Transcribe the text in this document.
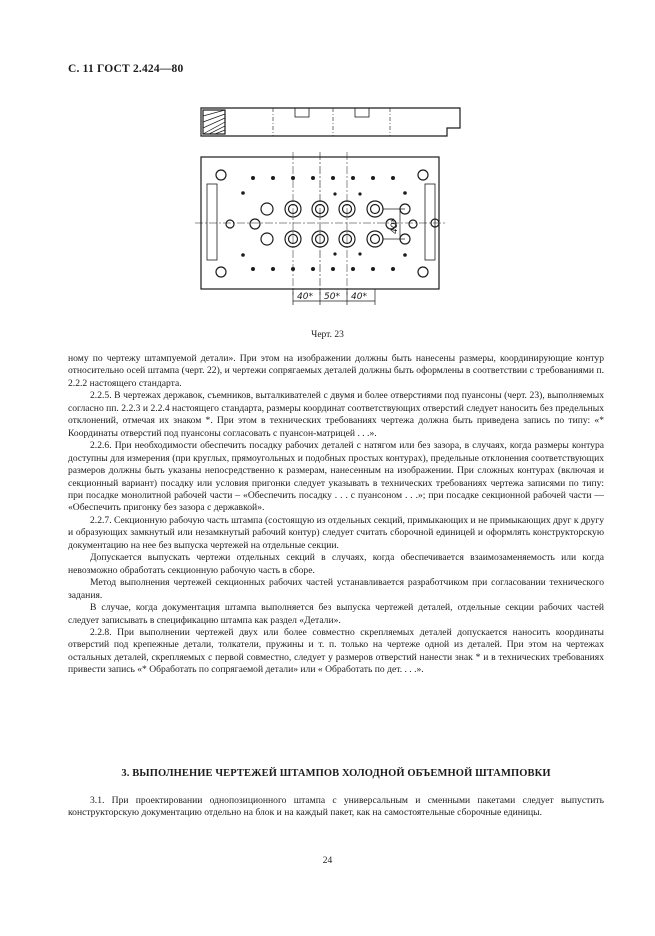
С. 11 ГОСТ 2.424—80
40* 50* 40*
40*
Черт. 23

ному по чертежу штампуемой детали». При этом на изображении должны быть нанесены размеры, координирующие контур относительно осей штампа (черт. 22), и чертежи сопрягаемых деталей должны быть оформлены в соответствии с требованиями п. 2.2.2 настоящего стандарта.

2.2.5. В чертежах державок, съемников, выталкивателей с двумя и более отверстиями под пуансоны (черт. 23), выполняемых согласно пп. 2.2.3 и 2.2.4 настоящего стандарта, размеры координат соответствующих отверстий следует наносить без предельных отклонений, отмечая их знаком *. При этом в технических требованиях чертежа должна быть приведена запись по типу: «* Координаты отверстий под пуансоны согласовать с пуансон-матрицей . . .».

2.2.6. При необходимости обеспечить посадку рабочих деталей с натягом или без зазора, в случаях, когда размеры контура доступны для измерения (при круглых, прямоугольных и подобных простых контурах), предельные отклонения соответствующих размеров должны быть указаны непосредственно к размерам, нанесенным на изображении. При сложных контурах (включая и секционный вариант) посадку или условия пригонки следует указывать в технических требованиях чертежа записями по типу: при посадке монолитной рабочей части – «Обеспечить посадку . . . с пуансоном . . .»; при посадке секционной рабочей части — «Обеспечить пригонку без зазора с державкой».

2.2.7. Секционную рабочую часть штампа (состоящую из отдельных секций, примыкающих и не примыкающих друг к другу и образующих замкнутый или незамкнутый рабочий контур) следует считать сборочной единицей и оформлять конструкторскую документацию на нее без выпуска чертежей на отдельные секции.

Допускается выпускать чертежи отдельных секций в случаях, когда обеспечивается взаимозаменяемость или когда невозможно обработать секционную рабочую часть в сборе.

Метод выполнения чертежей секционных рабочих частей устанавливается разработчиком при согласовании технического задания.

В случае, когда документация штампа выполняется без выпуска чертежей деталей, отдельные секции рабочих частей следует записывать в спецификацию штампа как раздел «Детали».

2.2.8. При выполнении чертежей двух или более совместно скрепляемых деталей допускается наносить координаты отверстий под крепежные детали, толкатели, пружины и т. п. только на чертеже одной из деталей. При этом на чертежах остальных деталей, скрепляемых с первой совместно, следует у размеров отверстий нанести знак * и в технических требованиях привести запись «* Обработать по сопрягаемой детали» или « Обработать по дет. . . .».

3. ВЫПОЛНЕНИЕ ЧЕРТЕЖЕЙ ШТАМПОВ ХОЛОДНОЙ ОБЪЕМНОЙ ШТАМПОВКИ

3.1. При проектировании однопозиционного штампа с универсальным и сменными пакетами следует выпустить конструкторскую документацию отдельно на блок и на каждый пакет, как на самостоятельные сборочные единицы.

24
